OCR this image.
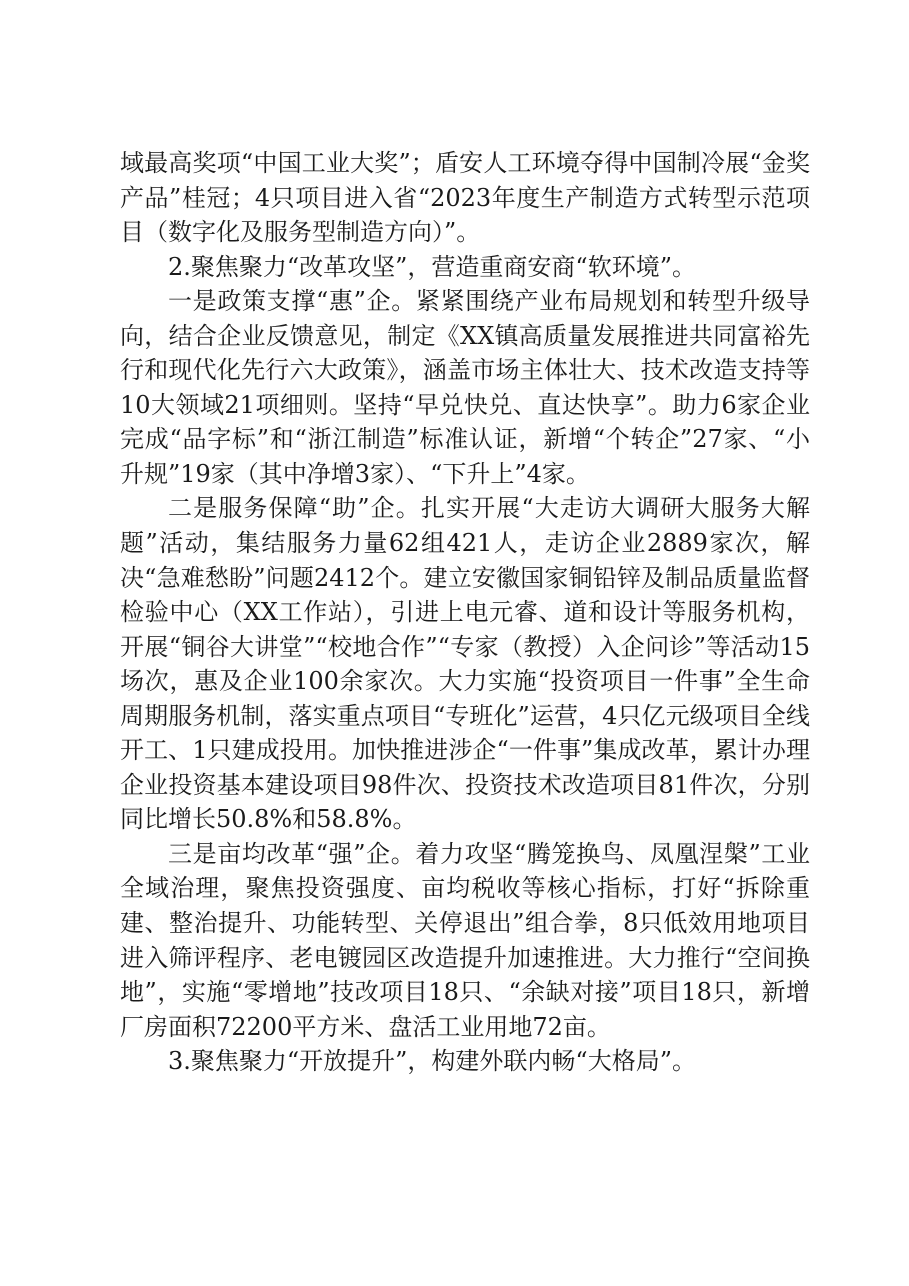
域最高奖项“中国工业大奖”；盾安人工环境夺得中国制冷展“金奖产品”桂冠；4只项目进入省“2023年度生产制造方式转型示范项目（数字化及服务型制造方向）”。

2.聚焦聚力“改革攻坚”，营造重商安商“软环境”。

一是政策支撑“惠”企。紧紧围绕产业布局规划和转型升级导向，结合企业反馈意见，制定《XX镇高质量发展推进共同富裕先行和现代化先行六大政策》，涵盖市场主体壮大、技术改造支持等10大领域21项细则。坚持“早兑快兑、直达快享”。助力6家企业完成“品字标”和“浙江制造”标准认证，新增“个转企”27家、“小升规”19家（其中净增3家）、“下升上”4家。

二是服务保障“助”企。扎实开展“大走访大调研大服务大解题”活动，集结服务力量62组421人，走访企业2889家次，解决“急难愁盼”问题2412个。建立安徽国家铜铅锌及制品质量监督检验中心（XX工作站），引进上电元睿、道和设计等服务机构，开展“铜谷大讲堂”“校地合作”“专家（教授）入企问诊”等活动15场次，惠及企业100余家次。大力实施“投资项目一件事”全生命周期服务机制，落实重点项目“专班化”运营，4只亿元级项目全线开工、1只建成投用。加快推进涉企“一件事”集成改革，累计办理企业投资基本建设项目98件次、投资技术改造项目81件次，分别同比增长50.8%和58.8%。

三是亩均改革“强”企。着力攻坚“腾笼换鸟、凤凰涅槃”工业全域治理，聚焦投资强度、亩均税收等核心指标，打好“拆除重建、整治提升、功能转型、关停退出”组合拳，8只低效用地项目进入筛评程序、老电镀园区改造提升加速推进。大力推行“空间换地”，实施“零增地”技改项目18只、“余缺对接”项目18只，新增厂房面积72200平方米、盘活工业用地72亩。

3.聚焦聚力“开放提升”，构建外联内畅“大格局”。
